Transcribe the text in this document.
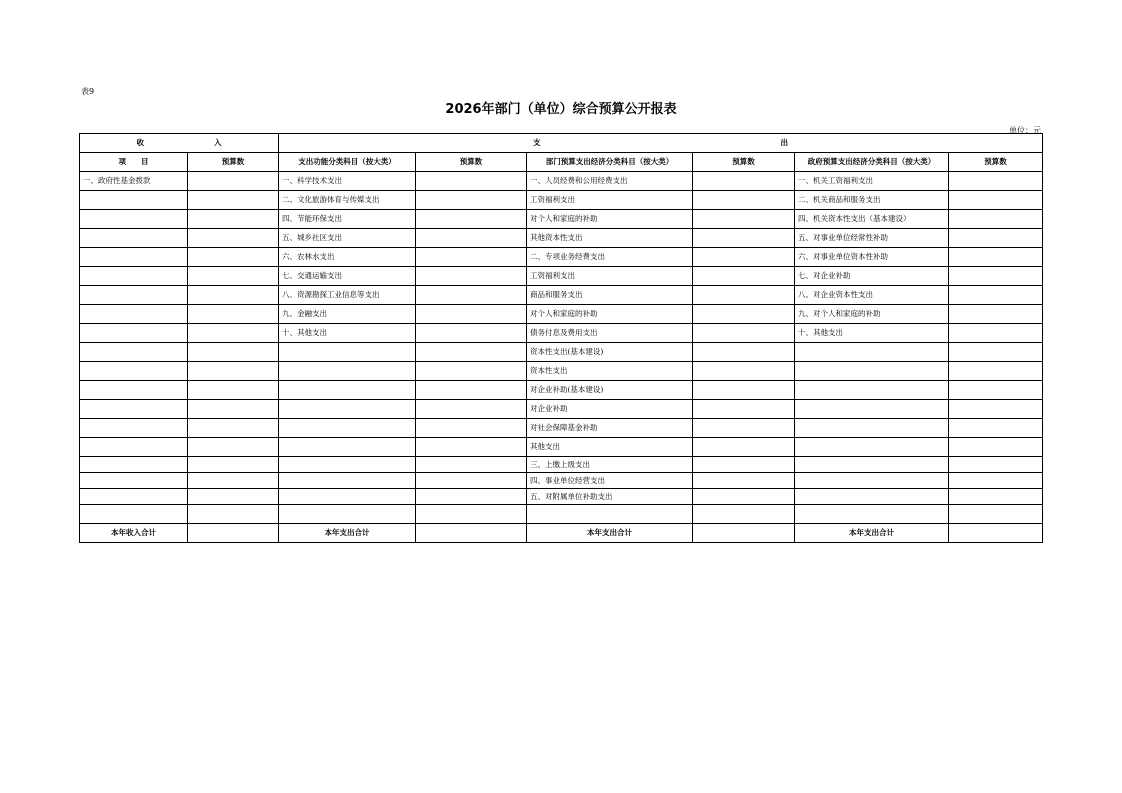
表9
2026年部门（单位）综合预算公开报表
单位：元
收 入		支 出					
项　　目	预算数	支出功能分类科目（按大类）	预算数	部门预算支出经济分类科目（按大类）	预算数	政府预算支出经济分类科目（按大类）	预算数
一、政府性基金拨款		一、科学技术支出		一、人员经费和公用经费支出		一、机关工资福利支出	
		二、文化旅游体育与传媒支出		工资福利支出		二、机关商品和服务支出	
		四、节能环保支出		对个人和家庭的补助		四、机关资本性支出（基本建设）	
		五、城乡社区支出		其他资本性支出		五、对事业单位经常性补助	
		六、农林水支出		二、专项业务经费支出		六、对事业单位资本性补助	
		七、交通运输支出		工资福利支出		七、对企业补助	
		八、资源勘探工业信息等支出		商品和服务支出		八、对企业资本性支出	
		九、金融支出		对个人和家庭的补助		九、对个人和家庭的补助	
		十、其他支出		债务付息及费用支出		十、其他支出	
				资本性支出(基本建设)			
				资本性支出			
				对企业补助(基本建设)			
				对企业补助			
				对社会保障基金补助			
				其他支出			
				三、上缴上级支出			
				四、事业单位经营支出			
				五、对附属单位补助支出			

本年收入合计		本年支出合计		本年支出合计		本年支出合计	
